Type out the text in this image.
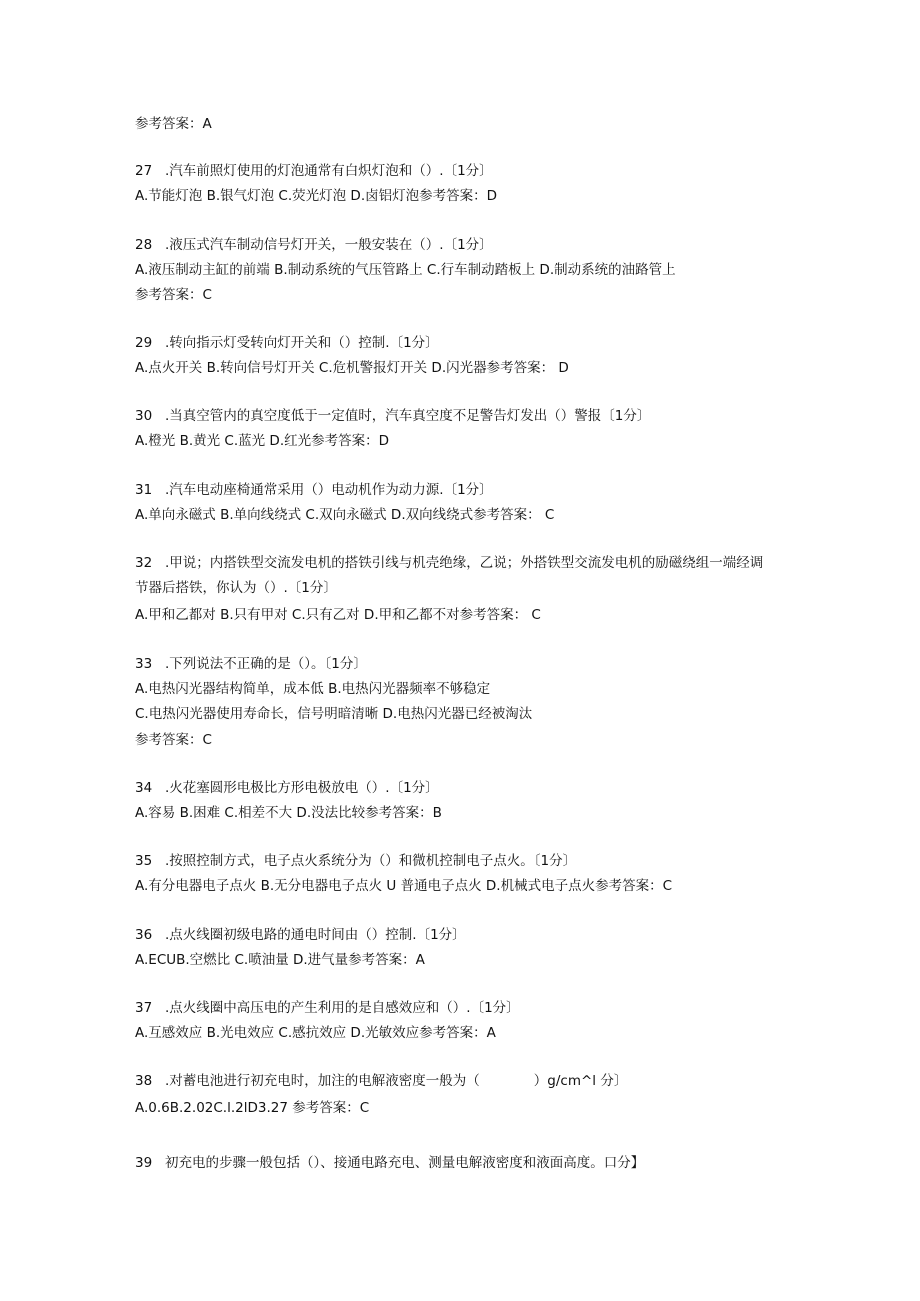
参考答案：A
27 .汽车前照灯使用的灯泡通常有白炽灯泡和（）.〔1分〕
A.节能灯泡 B.银气灯泡 C.荧光灯泡 D.卤铝灯泡参考答案：D
28 .液压式汽车制动信号灯开关，一般安装在（）.〔1分〕
A.液压制动主缸的前端 B.制动系统的气压管路上 C.行车制动踏板上 D.制动系统的油路管上
参考答案：C
29 .转向指示灯受转向灯开关和（）控制.〔1分〕
A.点火开关 B.转向信号灯开关 C.危机警报灯开关 D.闪光器参考答案： D
30 .当真空管内的真空度低于一定值时，汽车真空度不足警告灯发出（）警报〔1分〕
A.橙光 B.黄光 C.蓝光 D.红光参考答案：D
31 .汽车电动座椅通常采用（）电动机作为动力源.〔1分〕
A.单向永磁式 B.单向线绕式 C.双向永磁式 D.双向线绕式参考答案： C
32 .甲说；内搭铁型交流发电机的搭铁引线与机壳绝缘，乙说；外搭铁型交流发电机的励磁绕组一端经调
节器后搭铁，你认为（）.〔1分〕
A.甲和乙都对 B.只有甲对 C.只有乙对 D.甲和乙都不对参考答案： C
33 .下列说法不正确的是（）。〔1分〕
A.电热闪光器结构简单，成本低 B.电热闪光器频率不够稳定
C.电热闪光器使用寿命长，信号明暗清晰 D.电热闪光器已经被淘汰
参考答案：C
34 .火花塞圆形电极比方形电极放电（）.〔1分〕
A.容易 B.困难 C.相差不大 D.没法比较参考答案：B
35 .按照控制方式，电子点火系统分为（）和微机控制电子点火。〔1分〕
A.有分电器电子点火 B.无分电器电子点火 U 普通电子点火 D.机械式电子点火参考答案：C
36 .点火线圈初级电路的通电时间由（）控制.〔1分〕
A.ECUB.空燃比 C.喷油量 D.进气量参考答案：A
37 .点火线圈中高压电的产生利用的是自感效应和（）.〔1分〕
A.互感效应 B.光电效应 C.感抗效应 D.光敏效应参考答案：A
38 .对蓄电池进行初充电时，加注的电解液密度一般为（　　　　）g/cm^l 分〕
A.0.6B.2.02C.l.2lD3.27 参考答案：C
39 初充电的步骤一般包括（）、接通电路充电、测量电解液密度和液面高度。口分】
